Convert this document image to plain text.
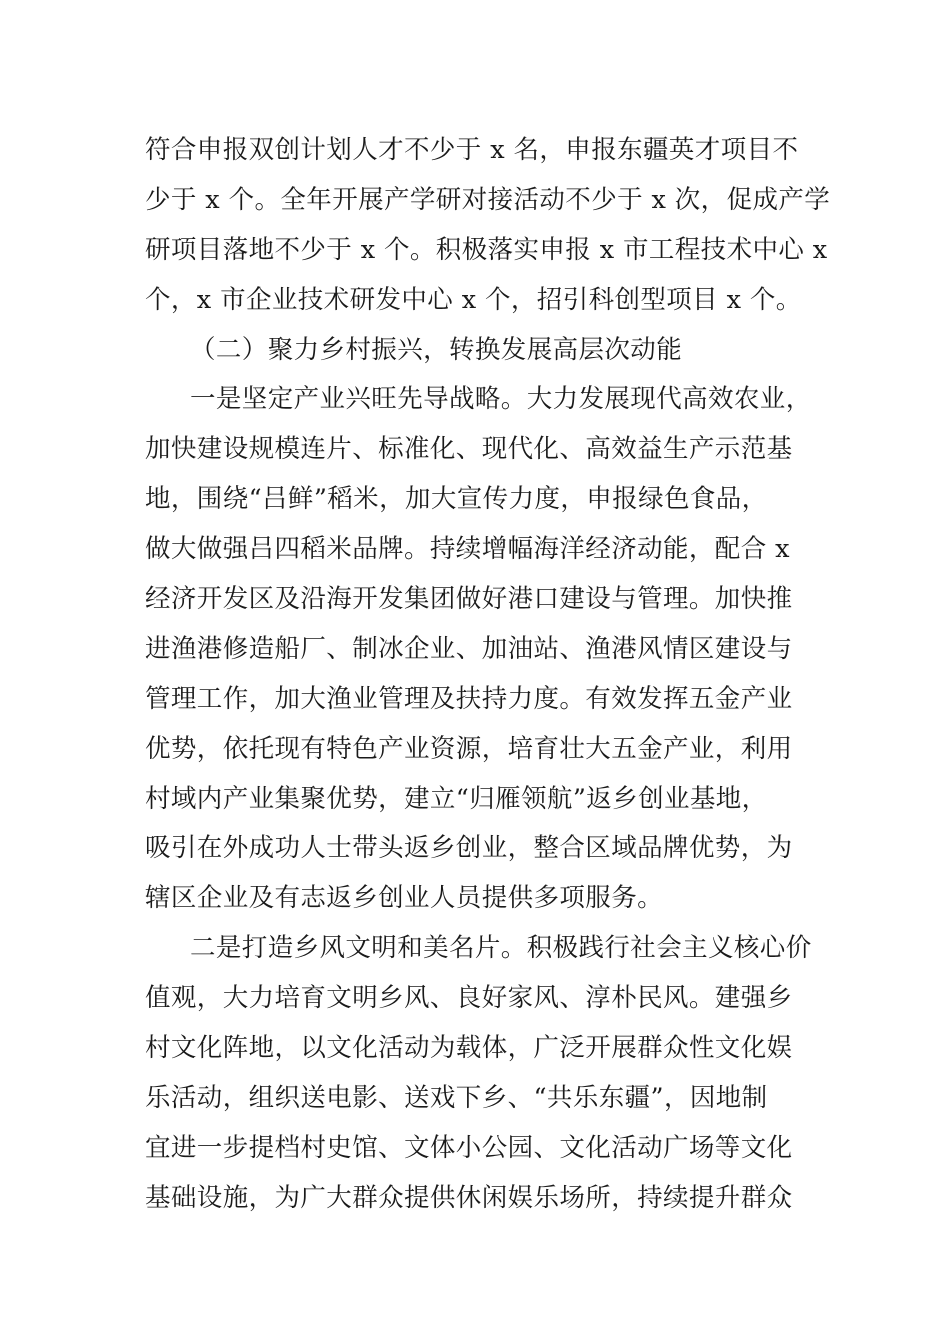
符合申报双创计划人才不少于 x 名，申报东疆英才项目不
少于 x 个。全年开展产学研对接活动不少于 x 次，促成产学
研项目落地不少于 x 个。积极落实申报 x 市工程技术中心 x
个，x 市企业技术研发中心 x 个，招引科创型项目 x 个。
（二）聚力乡村振兴，转换发展高层次动能
一是坚定产业兴旺先导战略。大力发展现代高效农业，
加快建设规模连片、标准化、现代化、高效益生产示范基
地，围绕“吕鲜”稻米，加大宣传力度，申报绿色食品，
做大做强吕四稻米品牌。持续增幅海洋经济动能，配合 x
经济开发区及沿海开发集团做好港口建设与管理。加快推
进渔港修造船厂、制冰企业、加油站、渔港风情区建设与
管理工作，加大渔业管理及扶持力度。有效发挥五金产业
优势，依托现有特色产业资源，培育壮大五金产业，利用
村域内产业集聚优势，建立“归雁领航”返乡创业基地，
吸引在外成功人士带头返乡创业，整合区域品牌优势，为
辖区企业及有志返乡创业人员提供多项服务。
二是打造乡风文明和美名片。积极践行社会主义核心价
值观，大力培育文明乡风、良好家风、淳朴民风。建强乡
村文化阵地，以文化活动为载体，广泛开展群众性文化娱
乐活动，组织送电影、送戏下乡、“共乐东疆”，因地制
宜进一步提档村史馆、文体小公园、文化活动广场等文化
基础设施，为广大群众提供休闲娱乐场所，持续提升群众
